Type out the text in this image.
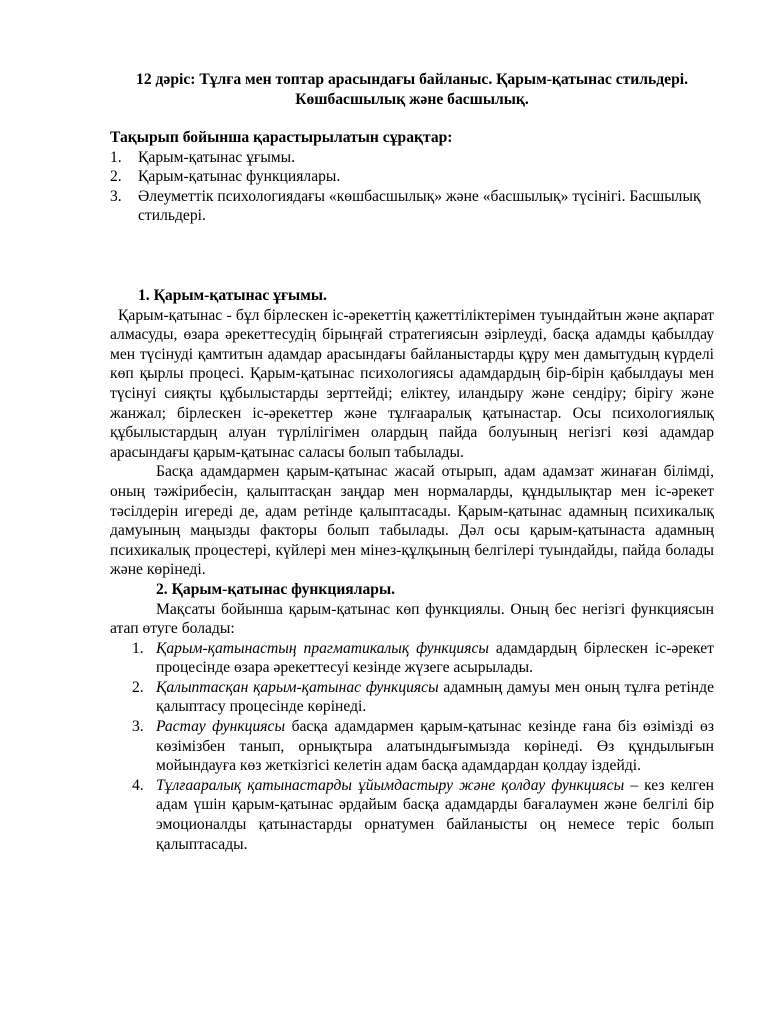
12 дәріс: Тұлға мен топтар арасындағы байланыс. Қарым-қатынас стильдері. Көшбасшылық және басшылық.
Тақырып бойынша қарастырылатын сұрақтар:
1. Қарым-қатынас ұғымы.
2. Қарым-қатынас функциялары.
3. Әлеуметтік психологиядағы «көшбасшылық» және «басшылық» түсінігі. Басшылық стильдері.

1. Қарым-қатынас ұғымы.

Қарым-қатынас - бұл бірлескен іс-әрекеттің қажеттіліктерімен туындайтын және ақпарат алмасуды, өзара әрекеттесудің бірыңғай стратегиясын әзірлеуді, басқа адамды қабылдау мен түсінуді қамтитын адамдар арасындағы байланыстарды құру мен дамытудың күрделі көп қырлы процесі. Қарым-қатынас психологиясы адамдардың бір-бірін қабылдауы мен түсінуі сияқты құбылыстарды зерттейді; еліктеу, иландыру және сендіру; бірігу және жанжал; бірлескен іс-әрекеттер және тұлғааралық қатынастар. Осы психологиялық құбылыстардың алуан түрлілігімен олардың пайда болуының негізгі көзі адамдар арасындағы қарым-қатынас саласы болып табылады.

Басқа адамдармен қарым-қатынас жасай отырып, адам адамзат жинаған білімді, оның тәжірибесін, қалыптасқан заңдар мен нормаларды, құндылықтар мен іс-әрекет тәсілдерін игереді де, адам ретінде қалыптасады. Қарым-қатынас адамның психикалық дамуының маңызды факторы болып табылады. Дәл осы қарым-қатынаста адамның психикалық процестері, күйлері мен мінез-құлқының белгілері туындайды, пайда болады және көрінеді.

2. Қарым-қатынас функциялары.

Мақсаты бойынша қарым-қатынас көп функциялы. Оның бес негізгі функциясын атап өтуге болады:

1. Қарым-қатынастың прагматикалық функциясы адамдардың бірлескен іс-әрекет процесінде өзара әрекеттесуі кезінде жүзеге асырылады.
2. Қалыптасқан қарым-қатынас функциясы адамның дамуы мен оның тұлға ретінде қалыптасу процесінде көрінеді.
3. Растау функциясы басқа адамдармен қарым-қатынас кезінде ғана біз өзімізді өз көзімізбен танып, орнықтыра алатындығымызда көрінеді. Өз құндылығын мойындауға көз жеткізгісі келетін адам басқа адамдардан қолдау іздейді.
4. Тұлғааралық қатынастарды ұйымдастыру және қолдау функциясы – кез келген адам үшін қарым-қатынас әрдайым басқа адамдарды бағалаумен және белгілі бір эмоционалды қатынастарды орнатумен байланысты оң немесе теріс болып қалыптасады.
